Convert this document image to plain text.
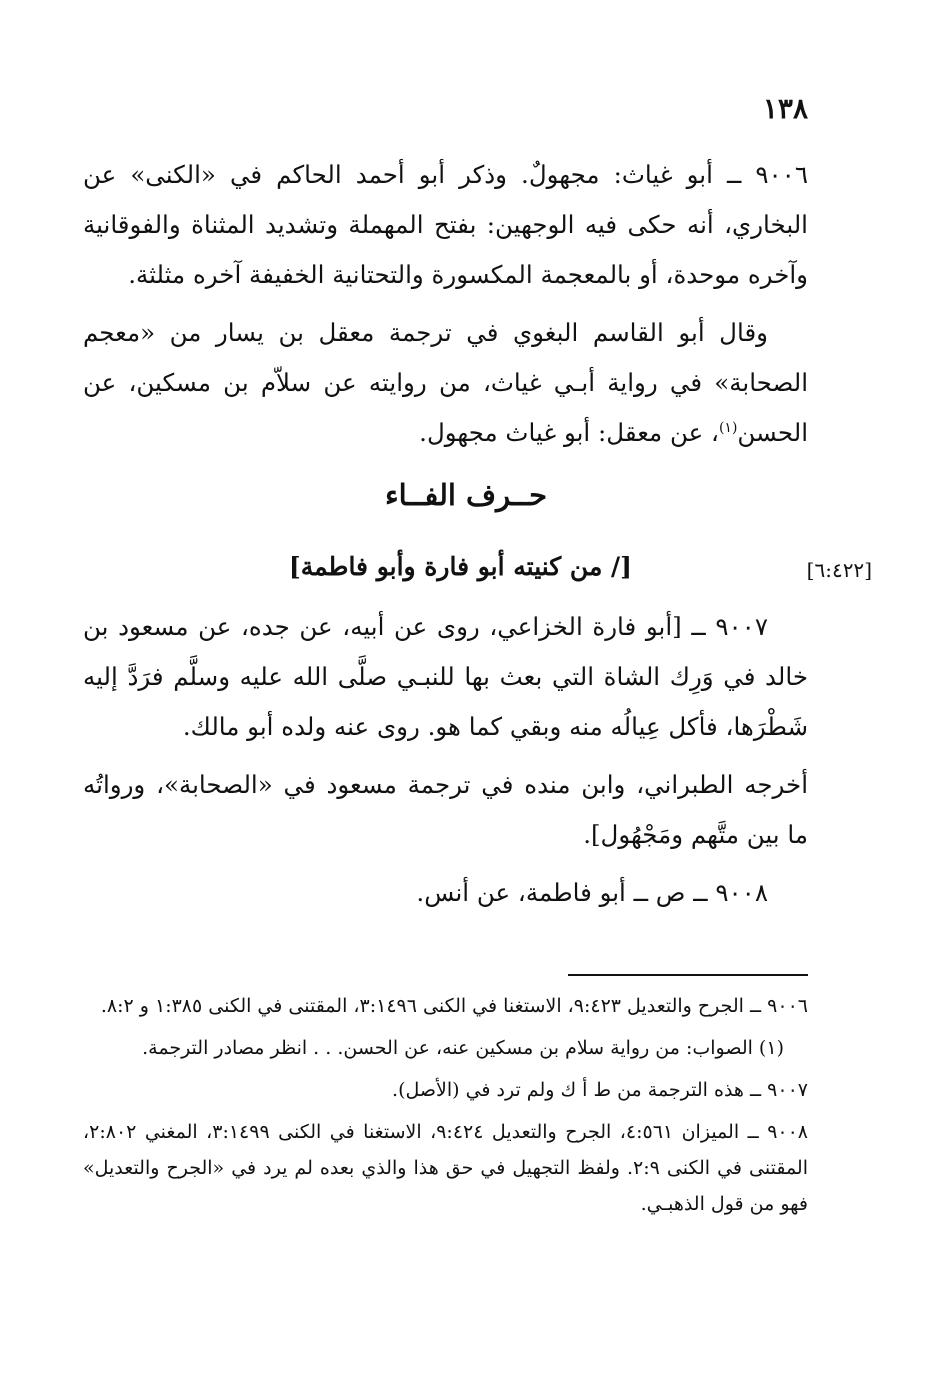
١٣٨

٩٠٠٦ ــ أبو غياث: مجهولٌ. وذكر أبو أحمد الحاكم في «الكنى» عن البخاري، أنه حكى فيه الوجهين: بفتح المهملة وتشديد المثناة والفوقانية وآخره موحدة، أو بالمعجمة المكسورة والتحتانية الخفيفة آخره مثلثة.

وقال أبو القاسم البغوي في ترجمة معقل بن يسار من «معجم الصحابة» في رواية أبـي غياث، من روايته عن سلاّم بن مسكين، عن الحسن$^{(١)}$، عن معقل: أبو غياث مجهول.

حــرف الفــاء
[٦:٤٢٢]
[/ من كنيته أبو فارة وأبو فاطمة]

٩٠٠٧ ــ [أبو فارة الخزاعي، روى عن أبيه، عن جده، عن مسعود بن خالد في وَرِك الشاة التي بعث بها للنبـي صلَّى الله عليه وسلَّم فرَدَّ إليه شَطْرَها، فأكل عِيالُه منه وبقي كما هو. روى عنه ولده أبو مالك.

أخرجه الطبراني، وابن منده في ترجمة مسعود في «الصحابة»، ورواتُه ما بين متَّهم ومَجْهُول].

٩٠٠٨ ــ ص ــ أبو فاطمة، عن أنس.

٩٠٠٦ ــ الجرح والتعديل ٩:٤٢٣، الاستغنا في الكنى ٣:١٤٩٦، المقتنى في الكنى ١:٣٨٥ و ٨:٢.

(١) الصواب: من رواية سلام بن مسكين عنه، عن الحسن. . . انظر مصادر الترجمة.

٩٠٠٧ ــ هذه الترجمة من ط أ ك ولم ترد في (الأصل).

٩٠٠٨ ــ الميزان ٤:٥٦١، الجرح والتعديل ٩:٤٢٤، الاستغنا في الكنى ٣:١٤٩٩، المغني ٢:٨٠٢، المقتنى في الكنى ٢:٩. ولفظ التجهيل في حق هذا والذي بعده لم يرد في «الجرح والتعديل» فهو من قول الذهبـي.
